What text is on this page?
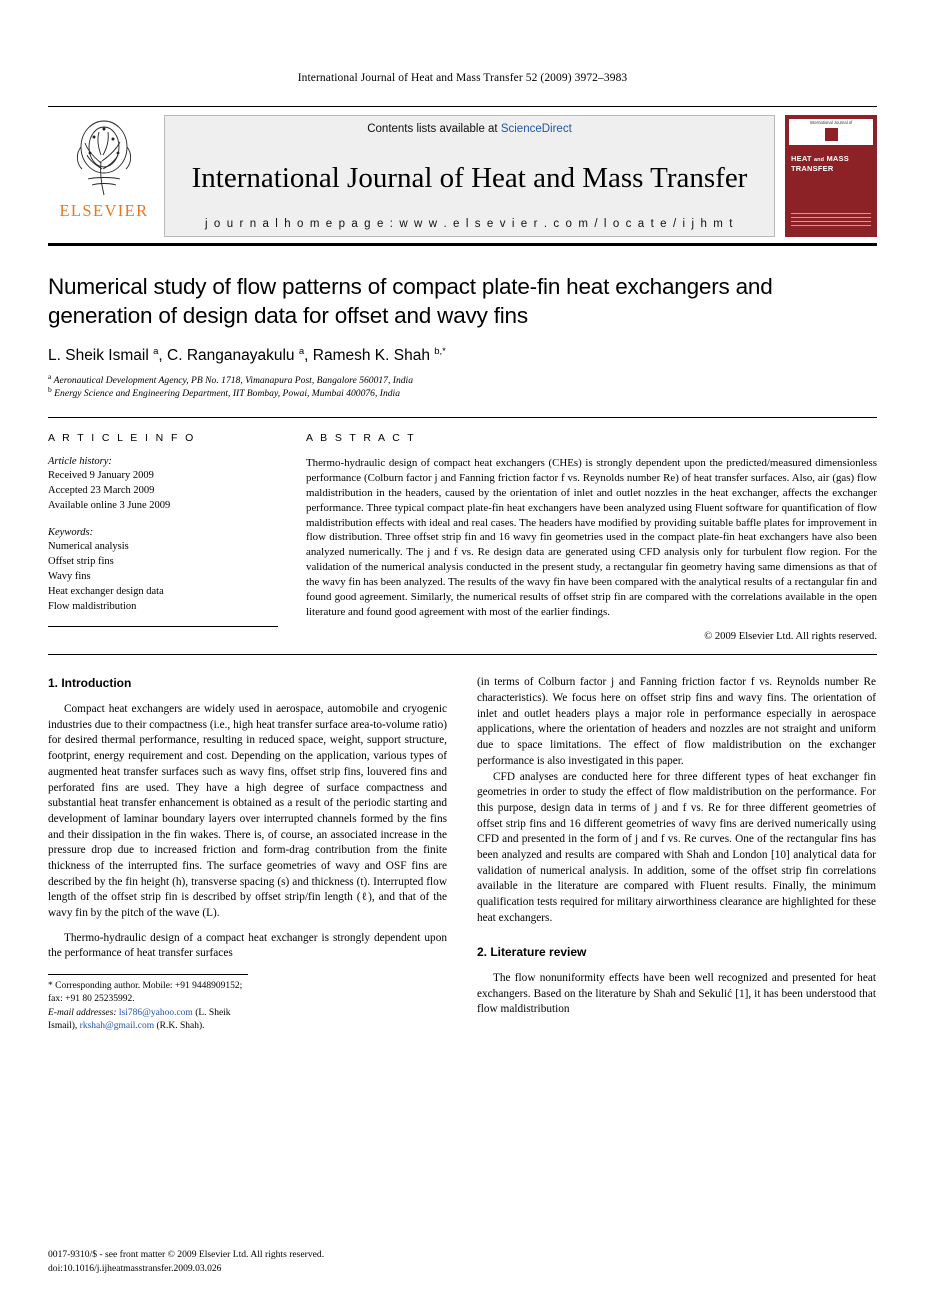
International Journal of Heat and Mass Transfer 52 (2009) 3972–3983
ELSEVIER
Contents lists available at ScienceDirect
International Journal of Heat and Mass Transfer
j o u r n a l h o m e p a g e : w w w . e l s e v i e r . c o m / l o c a t e / i j h m t
International Journal of
HEAT and MASS
TRANSFER
Numerical study of flow patterns of compact plate-fin heat exchangers and generation of design data for offset and wavy fins
L. Sheik Ismail $^a$, C. Ranganayakulu $^a$, Ramesh K. Shah $^{b,*}$
$^a$ Aeronautical Development Agency, PB No. 1718, Vimanapura Post, Bangalore 560017, India
$^b$ Energy Science and Engineering Department, IIT Bombay, Powai, Mumbai 400076, India
A R T I C L E I N F O
Article history:
Received 9 January 2009
Accepted 23 March 2009
Available online 3 June 2009
Keywords:
Numerical analysis
Offset strip fins
Wavy fins
Heat exchanger design data
Flow maldistribution
A B S T R A C T
Thermo-hydraulic design of compact heat exchangers (CHEs) is strongly dependent upon the predicted/measured dimensionless performance (Colburn factor j and Fanning friction factor f vs. Reynolds number Re) of heat transfer surfaces. Also, air (gas) flow maldistribution in the headers, caused by the orientation of inlet and outlet nozzles in the heat exchanger, affects the exchanger performance. Three typical compact plate-fin heat exchangers have been analyzed using Fluent software for quantification of flow maldistribution effects with ideal and real cases. The headers have modified by providing suitable baffle plates for improvement in flow distribution. Three offset strip fin and 16 wavy fin geometries used in the compact plate-fin heat exchangers have also been analyzed numerically. The j and f vs. Re design data are generated using CFD analysis only for turbulent flow region. For the validation of the numerical analysis conducted in the present study, a rectangular fin geometry having same dimensions as that of the wavy fin has been analyzed. The results of the wavy fin have been compared with the analytical results of a rectangular fin and found good agreement. Similarly, the numerical results of offset strip fin are compared with the correlations available in the open literature and found good agreement with most of the earlier findings.
© 2009 Elsevier Ltd. All rights reserved.
1. Introduction

Compact heat exchangers are widely used in aerospace, automobile and cryogenic industries due to their compactness (i.e., high heat transfer surface area-to-volume ratio) for desired thermal performance, resulting in reduced space, weight, support structure, footprint, energy requirement and cost. Depending on the application, various types of augmented heat transfer surfaces such as wavy fins, offset strip fins, louvered fins and perforated fins are used. They have a high degree of surface compactness and substantial heat transfer enhancement is obtained as a result of the periodic starting and development of laminar boundary layers over interrupted channels formed by the fins and their dissipation in the fin wakes. There is, of course, an associated increase in the pressure drop due to increased friction and form-drag contribution from the finite thickness of the interrupted fins. The surface geometries of wavy and OSF fins are described by the fin height (h), transverse spacing (s) and thickness (t). Interrupted flow length of the offset strip fin is described by offset strip/fin length (ℓ), and that of the wavy fin by the pitch of the wave (L).

Thermo-hydraulic design of a compact heat exchanger is strongly dependent upon the performance of heat transfer surfaces

* Corresponding author. Mobile: +91 9448909152; fax: +91 80 25235992.
E-mail addresses: lsi786@yahoo.com (L. Sheik Ismail), rkshah@gmail.com (R.K. Shah).

(in terms of Colburn factor j and Fanning friction factor f vs. Reynolds number Re characteristics). We focus here on offset strip fins and wavy fins. The orientation of inlet and outlet headers plays a major role in performance especially in aerospace applications, where the orientation of headers and nozzles are not straight and uniform due to space limitations. The effect of flow maldistribution on the exchanger performance is also investigated in this paper.

CFD analyses are conducted here for three different types of heat exchanger fin geometries in order to study the effect of flow maldistribution on the performance. For this purpose, design data in terms of j and f vs. Re for three different geometries of offset strip fins and 16 different geometries of wavy fins are derived numerically using CFD and presented in the form of j and f vs. Re curves. One of the rectangular fins has been analyzed and results are compared with Shah and London [10] analytical data for validation of numerical analysis. In addition, some of the offset strip fin correlations available in the literature are compared with Fluent results. Finally, the minimum qualification tests required for military airworthiness clearance are highlighted for these heat exchangers.

2. Literature review

The flow nonuniformity effects have been well recognized and presented for heat exchangers. Based on the literature by Shah and Sekulić [1], it has been understood that flow maldistribution

0017-9310/$ - see front matter © 2009 Elsevier Ltd. All rights reserved.
doi:10.1016/j.ijheatmasstransfer.2009.03.026
